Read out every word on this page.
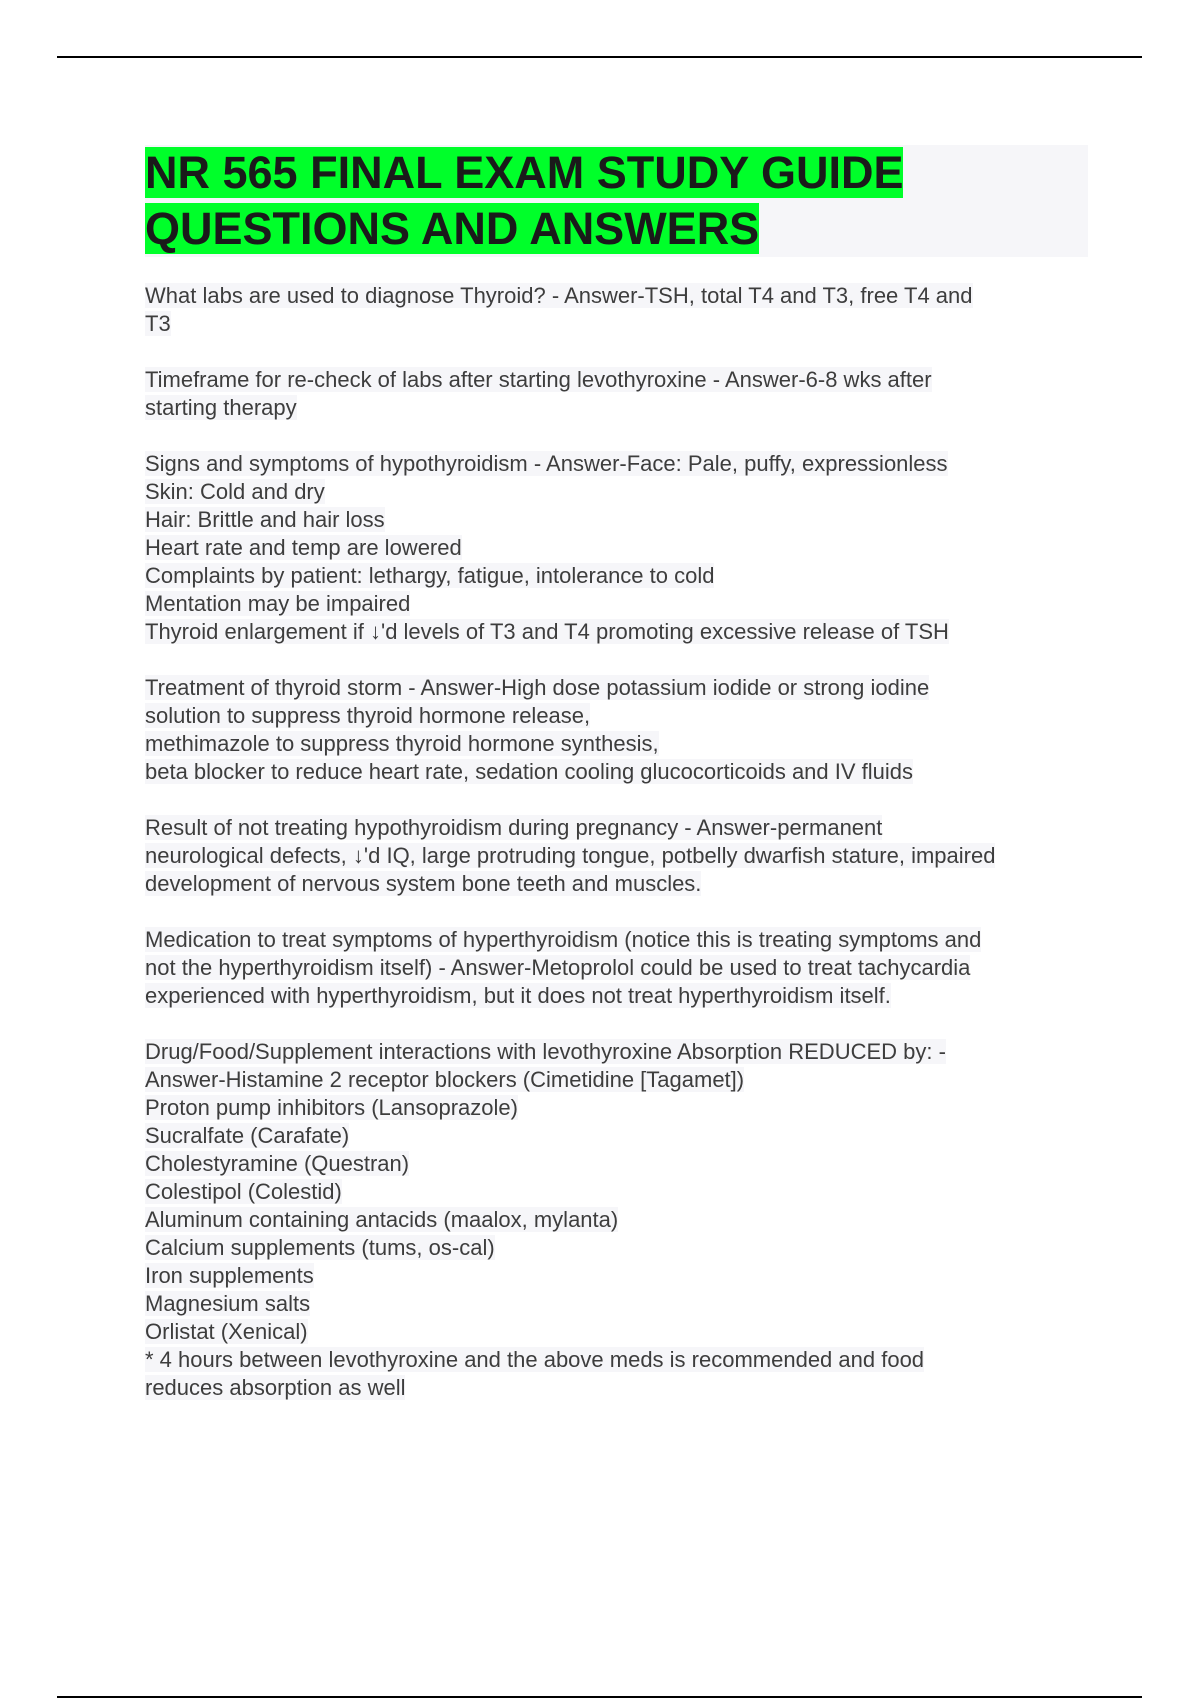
NR 565 FINAL EXAM STUDY GUIDE
QUESTIONS AND ANSWERS
What labs are used to diagnose Thyroid? - Answer-TSH, total T4 and T3, free T4 and
T3
Timeframe for re-check of labs after starting levothyroxine - Answer-6-8 wks after
starting therapy
Signs and symptoms of hypothyroidism - Answer-Face: Pale, puffy, expressionless
Skin: Cold and dry
Hair: Brittle and hair loss
Heart rate and temp are lowered
Complaints by patient: lethargy, fatigue, intolerance to cold
Mentation may be impaired
Thyroid enlargement if ↓'d levels of T3 and T4 promoting excessive release of TSH
Treatment of thyroid storm - Answer-High dose potassium iodide or strong iodine
solution to suppress thyroid hormone release,
methimazole to suppress thyroid hormone synthesis,
beta blocker to reduce heart rate, sedation cooling glucocorticoids and IV fluids
Result of not treating hypothyroidism during pregnancy - Answer-permanent
neurological defects, ↓'d IQ, large protruding tongue, potbelly dwarfish stature, impaired
development of nervous system bone teeth and muscles.
Medication to treat symptoms of hyperthyroidism (notice this is treating symptoms and
not the hyperthyroidism itself) - Answer-Metoprolol could be used to treat tachycardia
experienced with hyperthyroidism, but it does not treat hyperthyroidism itself.
Drug/Food/Supplement interactions with levothyroxine Absorption REDUCED by: -
Answer-Histamine 2 receptor blockers (Cimetidine [Tagamet])
Proton pump inhibitors (Lansoprazole)
Sucralfate (Carafate)
Cholestyramine (Questran)
Colestipol (Colestid)
Aluminum containing antacids (maalox, mylanta)
Calcium supplements (tums, os-cal)
Iron supplements
Magnesium salts
Orlistat (Xenical)
* 4 hours between levothyroxine and the above meds is recommended and food
reduces absorption as well
